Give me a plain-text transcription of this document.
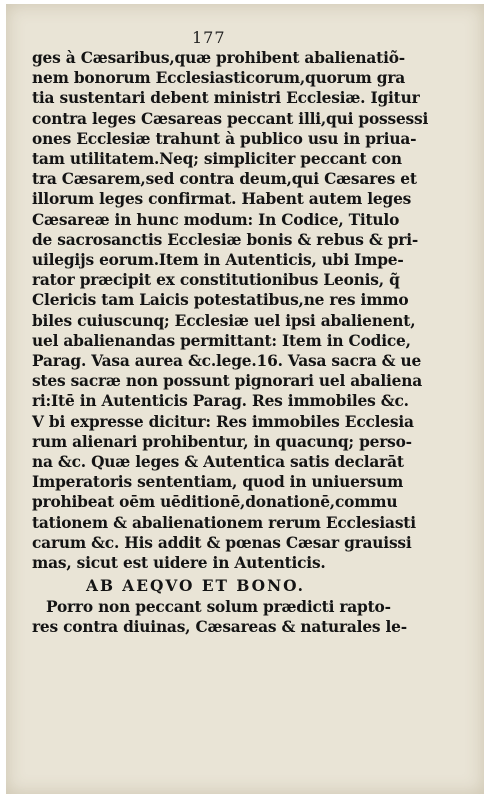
177
ges à Cæsaribus,quæ prohibent abalienatiõ-
nem bonorum Ecclesiasticorum,quorum gra
tia sustentari debent ministri Ecclesiæ. Igitur
contra leges Cæsareas peccant illi,qui possessi
ones Ecclesiæ trahunt à publico usu in priua-
tam utilitatem.Neq; simpliciter peccant con
tra Cæsarem,sed contra deum,qui Cæsares et
illorum leges confirmat. Habent autem leges
Cæsareæ in hunc modum: In Codice, Titulo
de sacrosanctis Ecclesiæ bonis & rebus & pri-
uilegijs eorum.Item in Autenticis, ubi Impe-
rator præcipit ex constitutionibus Leonis, q̃
Clericis tam Laicis potestatibus,ne res immo
biles cuiuscunq; Ecclesiæ uel ipsi abalienent,
uel abalienandas permittant: Item in Codice,
Parag. Vasa aurea &c.lege.16. Vasa sacra & ue
stes sacræ non possunt pignorari uel abaliena
ri:Itē in Autenticis Parag. Res immobiles &c.
V bi expresse dicitur: Res immobiles Ecclesia
rum alienari prohibentur, in quacunq; perso-
na &c. Quæ leges & Autentica satis declarāt
Imperatoris sententiam, quod in uniuersum
prohibeat oēm uēditionē,donationē,commu
tationem & abalienationem rerum Ecclesiasti
carum &c. His addit & pœnas Cæsar grauissi
mas, sicut est uidere in Autenticis.
AB AEQVO ET BONO.
Porro non peccant solum prædicti rapto-
res contra diuinas, Cæsareas & naturales le-
